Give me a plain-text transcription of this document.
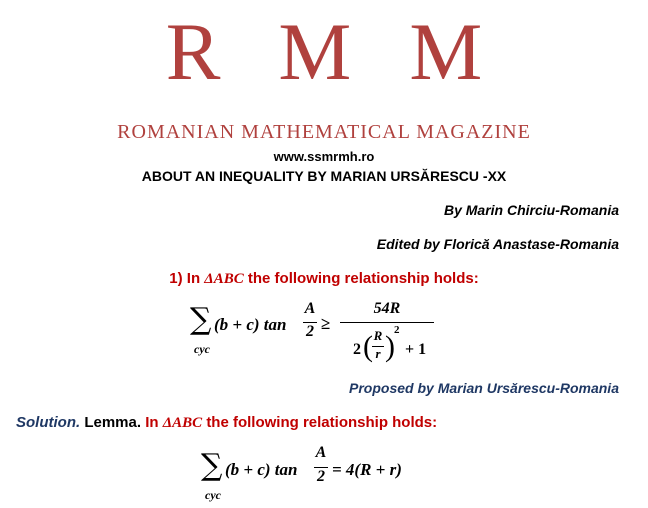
RMM
ROMANIAN MATHEMATICAL MAGAZINE
www.ssmrmh.ro
ABOUT AN INEQUALITY BY MARIAN URSĂRESCU -XX
By Marin Chirciu-Romania
Edited by Florică Anastase-Romania
1) In ΔABC the following relationship holds:
∑
cyc
(b + c) tan
A
2 ≥
54R
2 ( R
r ) 2
+ 1
Proposed by Marian Ursărescu-Romania
Solution. Lemma. In ΔABC the following relationship holds:
∑
cyc
(b + c) tan
A
2 = 4(R + r)
